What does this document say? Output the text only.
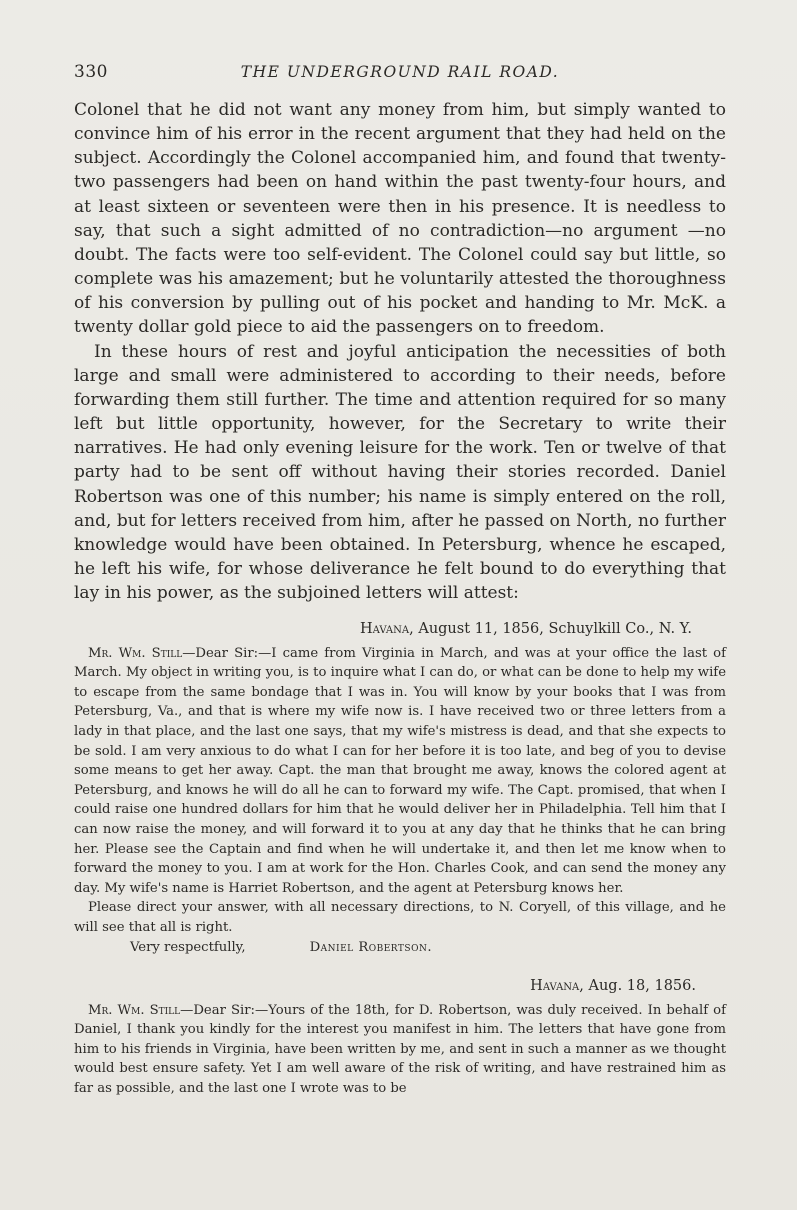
330	THE UNDERGROUND RAIL ROAD.

Colonel that he did not want any money from him, but simply wanted to convince him of his error in the recent argument that they had held on the subject. Accordingly the Colonel accompanied him, and found that twenty-two passengers had been on hand within the past twenty-four hours, and at least sixteen or seventeen were then in his presence. It is needless to say, that such a sight admitted of no contradiction—no argument —no doubt. The facts were too self-evident. The Colonel could say but little, so complete was his amazement; but he voluntarily attested the thoroughness of his conversion by pulling out of his pocket and handing to Mr. McK. a twenty dollar gold piece to aid the passengers on to freedom.

In these hours of rest and joyful anticipation the necessities of both large and small were administered to according to their needs, before forwarding them still further. The time and attention required for so many left but little opportunity, however, for the Secretary to write their narratives. He had only evening leisure for the work. Ten or twelve of that party had to be sent off without having their stories recorded. Daniel Robertson was one of this number; his name is simply entered on the roll, and, but for letters received from him, after he passed on North, no further knowledge would have been obtained. In Petersburg, whence he escaped, he left his wife, for whose deliverance he felt bound to do everything that lay in his power, as the subjoined letters will attest:

Havana, August 11, 1856, Schuylkill Co., N. Y.

Mr. Wm. Still—Dear Sir:—I came from Virginia in March, and was at your office the last of March. My object in writing you, is to inquire what I can do, or what can be done to help my wife to escape from the same bondage that I was in. You will know by your books that I was from Petersburg, Va., and that is where my wife now is. I have received two or three letters from a lady in that place, and the last one says, that my wife's mistress is dead, and that she expects to be sold. I am very anxious to do what I can for her before it is too late, and beg of you to devise some means to get her away. Capt. the man that brought me away, knows the colored agent at Petersburg, and knows he will do all he can to forward my wife. The Capt. promised, that when I could raise one hundred dollars for him that he would deliver her in Philadelphia. Tell him that I can now raise the money, and will forward it to you at any day that he thinks that he can bring her. Please see the Captain and find when he will undertake it, and then let me know when to forward the money to you. I am at work for the Hon. Charles Cook, and can send the money any day. My wife's name is Harriet Robertson, and the agent at Petersburg knows her.

Please direct your answer, with all necessary directions, to N. Coryell, of this village, and he will see that all is right.

Very respectfully,	Daniel Robertson.
Havana, Aug. 18, 1856.

Mr. Wm. Still—Dear Sir:—Yours of the 18th, for D. Robertson, was duly received. In behalf of Daniel, I thank you kindly for the interest you manifest in him. The letters that have gone from him to his friends in Virginia, have been written by me, and sent in such a manner as we thought would best ensure safety. Yet I am well aware of the risk of writing, and have restrained him as far as possible, and the last one I wrote was to be
